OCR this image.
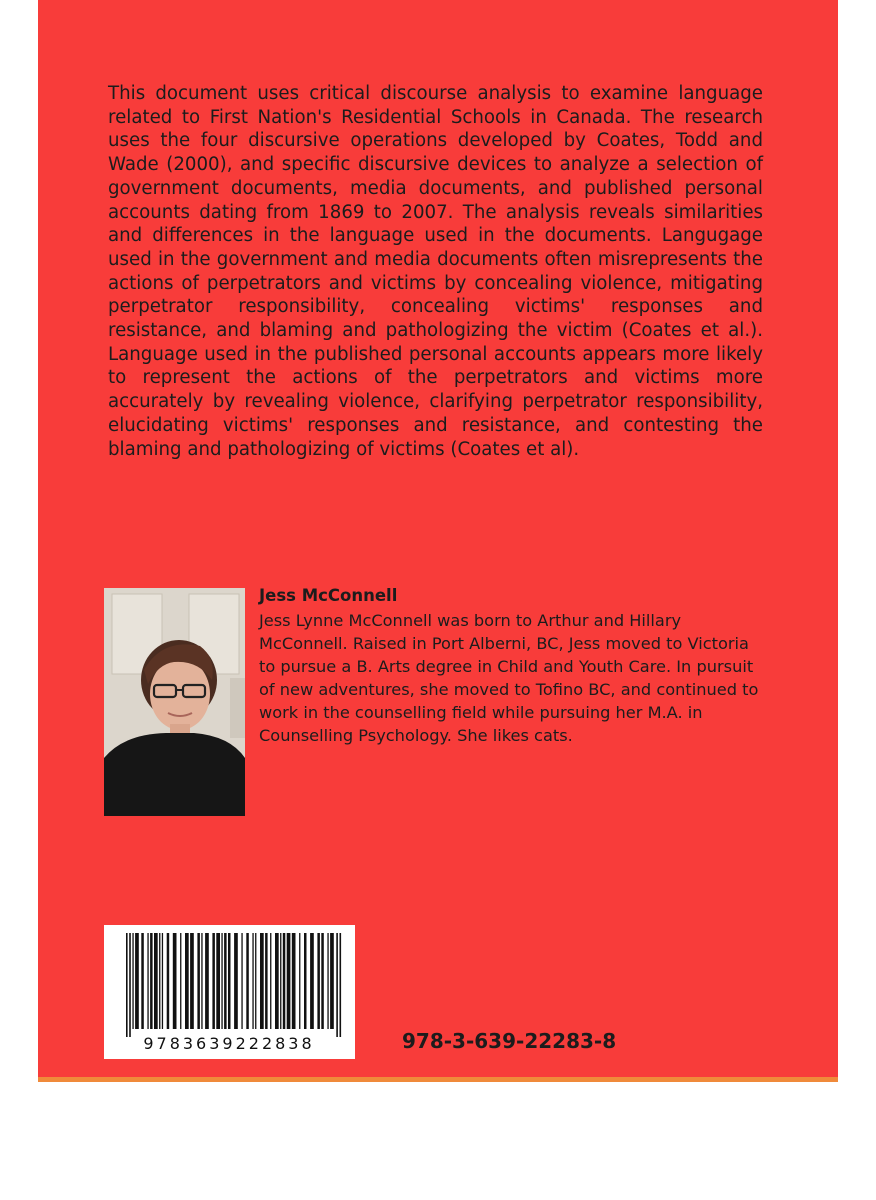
This document uses critical discourse analysis to examine language related to First Nation's Residential Schools in Canada. The research uses the four discursive operations developed by Coates, Todd and Wade (2000), and specific discursive devices to analyze a selection of government documents, media documents, and published personal accounts dating from 1869 to 2007. The analysis reveals similarities and differences in the language used in the documents. Langugage used in the government and media documents often misrepresents the actions of perpetrators and victims by concealing violence, mitigating perpetrator responsibility, concealing victims' responses and resistance, and blaming and pathologizing the victim (Coates et al.). Language used in the published personal accounts appears more likely to represent the actions of the perpetrators and victims more accurately by revealing violence, clarifying perpetrator responsibility, elucidating victims' responses and resistance, and contesting the blaming and pathologizing of victims (Coates et al).

Jess McConnell

Jess Lynne McConnell was born to Arthur and Hillary McConnell. Raised in Port Alberni, BC, Jess moved to Victoria to pursue a B. Arts degree in Child and Youth Care. In pursuit of new adventures, she moved to Tofino BC, and continued to work in the counselling field while pursuing her M.A. in Counselling Psychology. She likes cats.

9783639222838	978-3-639-22283-8
